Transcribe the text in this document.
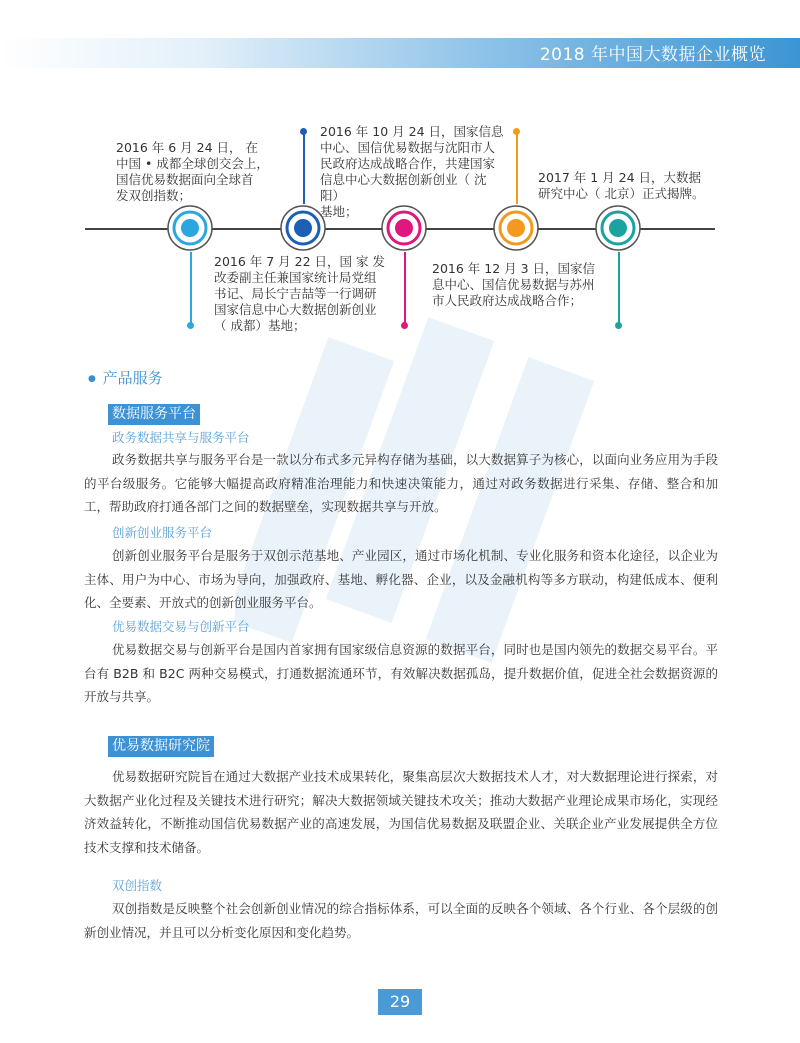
2018 年中国大数据企业概览
2016 年 6 月 24 日， 在
中国 • 成都全球创交会上，
国信优易数据面向全球首
发双创指数；
2016 年 7 月 22 日，国 家 发
改委副主任兼国家统计局党组
书记、局长宁吉喆等一行调研
国家信息中心大数据创新创业
（ 成都）基地；
2016 年 10 月 24 日，国家信息
中心、国信优易数据与沈阳市人
民政府达成战略合作，共建国家
信息中心大数据创新创业（ 沈阳）
基地；
2016 年 12 月 3 日，国家信
息中心、国信优易数据与苏州
市人民政府达成战略合作；
2017 年 1 月 24 日，大数据
研究中心（ 北京）正式揭牌。
● 产品服务
数据服务平台
政务数据共享与服务平台
政务数据共享与服务平台是一款以分布式多元异构存储为基础，以大数据算子为核心，以面向业务应用为手段的平台级服务。它能够大幅提高政府精准治理能力和快速决策能力，通过对政务数据进行采集、存储、整合和加工，帮助政府打通各部门之间的数据壁垒，实现数据共享与开放。
创新创业服务平台
创新创业服务平台是服务于双创示范基地、产业园区，通过市场化机制、专业化服务和资本化途径，以企业为主体、用户为中心、市场为导向，加强政府、基地、孵化器、企业，以及金融机构等多方联动，构建低成本、便利化、全要素、开放式的创新创业服务平台。
优易数据交易与创新平台
优易数据交易与创新平台是国内首家拥有国家级信息资源的数据平台，同时也是国内领先的数据交易平台。平台有 B2B 和 B2C 两种交易模式，打通数据流通环节，有效解决数据孤岛，提升数据价值，促进全社会数据资源的开放与共享。
优易数据研究院
优易数据研究院旨在通过大数据产业技术成果转化，聚集高层次大数据技术人才，对大数据理论进行探索，对大数据产业化过程及关键技术进行研究；解决大数据领域关键技术攻关；推动大数据产业理论成果市场化，实现经济效益转化，不断推动国信优易数据产业的高速发展，为国信优易数据及联盟企业、关联企业产业发展提供全方位技术支撑和技术储备。
双创指数
双创指数是反映整个社会创新创业情况的综合指标体系，可以全面的反映各个领域、各个行业、各个层级的创新创业情况，并且可以分析变化原因和变化趋势。
29
